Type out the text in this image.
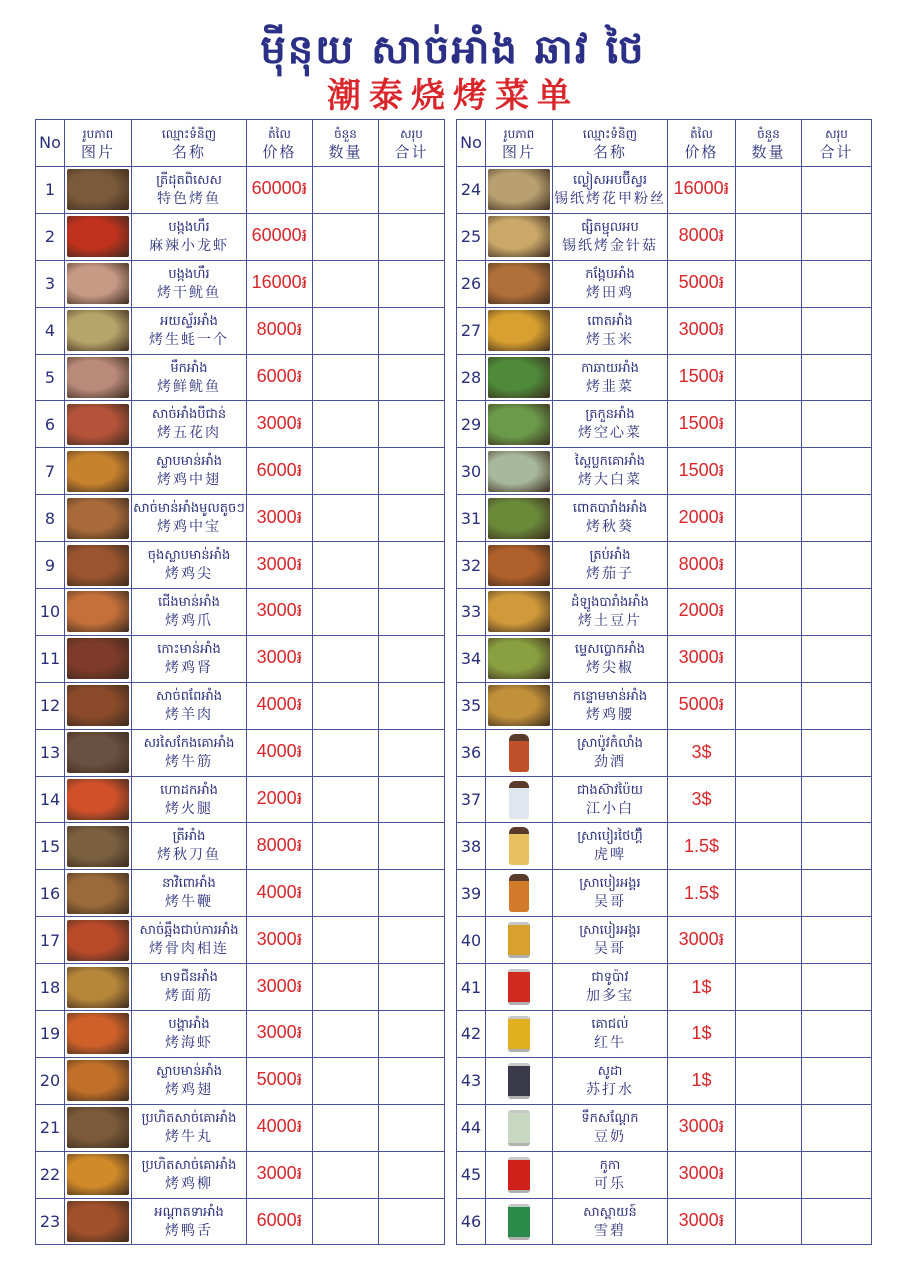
ម៉ីនុយ សាច់អាំង ឆាវ ថៃ
潮泰烧烤菜单
No	រូបភាព
图片	ឈ្មោះទំនិញ
名称	តំលៃ
价格	ចំនួន
数量	សរុប
合计

1		ត្រីដុតពិសេស
特色烤鱼	60000៛		
2		បង្កងហឹរ
麻辣小龙虾	60000៛		
3		បង្កងហឹរ
烤干鱿鱼	16000៛		
4		អយស្ទ័រអាំង
烤生蚝一个	8000៛		
5		មឹកអាំង
烤鲜鱿鱼	6000៛		
6		សាច់អាំងបីជាន់
烤五花肉	3000៛		
7		ស្លាបមាន់អាំង
烤鸡中翅	6000៛		
8		សាច់មាន់អាំងមូលតូចៗ
烤鸡中宝	3000៛		
9		ចុងស្លាបមាន់អាំង
烤鸡尖	3000៛		
10		ជើងមាន់អាំង
烤鸡爪	3000៛		
11		កោះមាន់អាំង
烤鸡肾	3000៛		
12		សាច់ពពែអាំង
烤羊肉	4000៛		
13		សរសៃកែងគោអាំង
烤牛筋	4000៛		
14		ហោដកអាំង
烤火腿	2000៛		
15		ត្រីអាំង
烤秋刀鱼	8000៛		
16		នាវិពោអាំង
烤牛鞭	4000៛		
17		សាច់ឆ្អឹងជាប់ការអាំង
烤骨肉相连	3000៛		
18		មាទជីនអាំង
烤面筋	3000៛		
19		បង្គាអាំង
烤海虾	3000៛		
20		ស្លាបមាន់អាំង
烤鸡翅	5000៛		
21		ប្រហិតសាច់គោអាំង
烤牛丸	4000៛		
22		ប្រហិតសាច់គោអាំង
烤鸡柳	3000៛		
23		អណ្តាតទាអាំង
烤鸭舌	6000៛		
No	រូបភាព
图片	ឈ្មោះទំនិញ
名称	តំលៃ
价格	ចំនួន
数量	សរុប
合计

24		ល្ងៀសអបប៊ីស្វរ
锡纸烤花甲粉丝	16000៛		
25		ផ្សិតម្ជុលអប
锡纸烤金针菇	8000៛		
26		កង្កែបអាំង
烤田鸡	5000៛		
27		ពោតអាំង
烤玉米	3000៛		
28		កាឆាយអាំង
烤韭菜	1500៛		
29		ត្រកួនអាំង
烤空心菜	1500៛		
30		ស្ពៃប្លកគោអាំង
烤大白菜	1500៛		
31		ពោតបារាំងអាំង
烤秋葵	2000៛		
32		ត្រប់អាំង
烤茄子	8000៛		
33		ដំឡូងបារាំងអាំង
烤土豆片	2000៛		
34		ម្ទេសប្លោកអាំង
烤尖椒	3000៛		
35		កន្ទោមមាន់អាំង
烤鸡腰	5000៛		
36		ស្រាប៉ូវកំលាំង
劲酒	3$		
37		ជាងស៊ាវប៉ៃយ
江小白	3$		
38		ស្រាបៀរថៃហ៊្គឺ
虎啤	1.5$		
39		ស្រាបៀរអង្គរ
吴哥	1.5$		
40		ស្រាបៀរអង្គរ
吴哥	3000៛		
41		ជាទូប៉ាវ
加多宝	1$		
42		គោជល់
红牛	1$		
43		សូដា
苏打水	1$		
44		ទឹកសណ្តែក
豆奶	3000៛		
45		កូកា
可乐	3000៛		
46		សាស្ពាយន៍
雪碧	3000៛		
